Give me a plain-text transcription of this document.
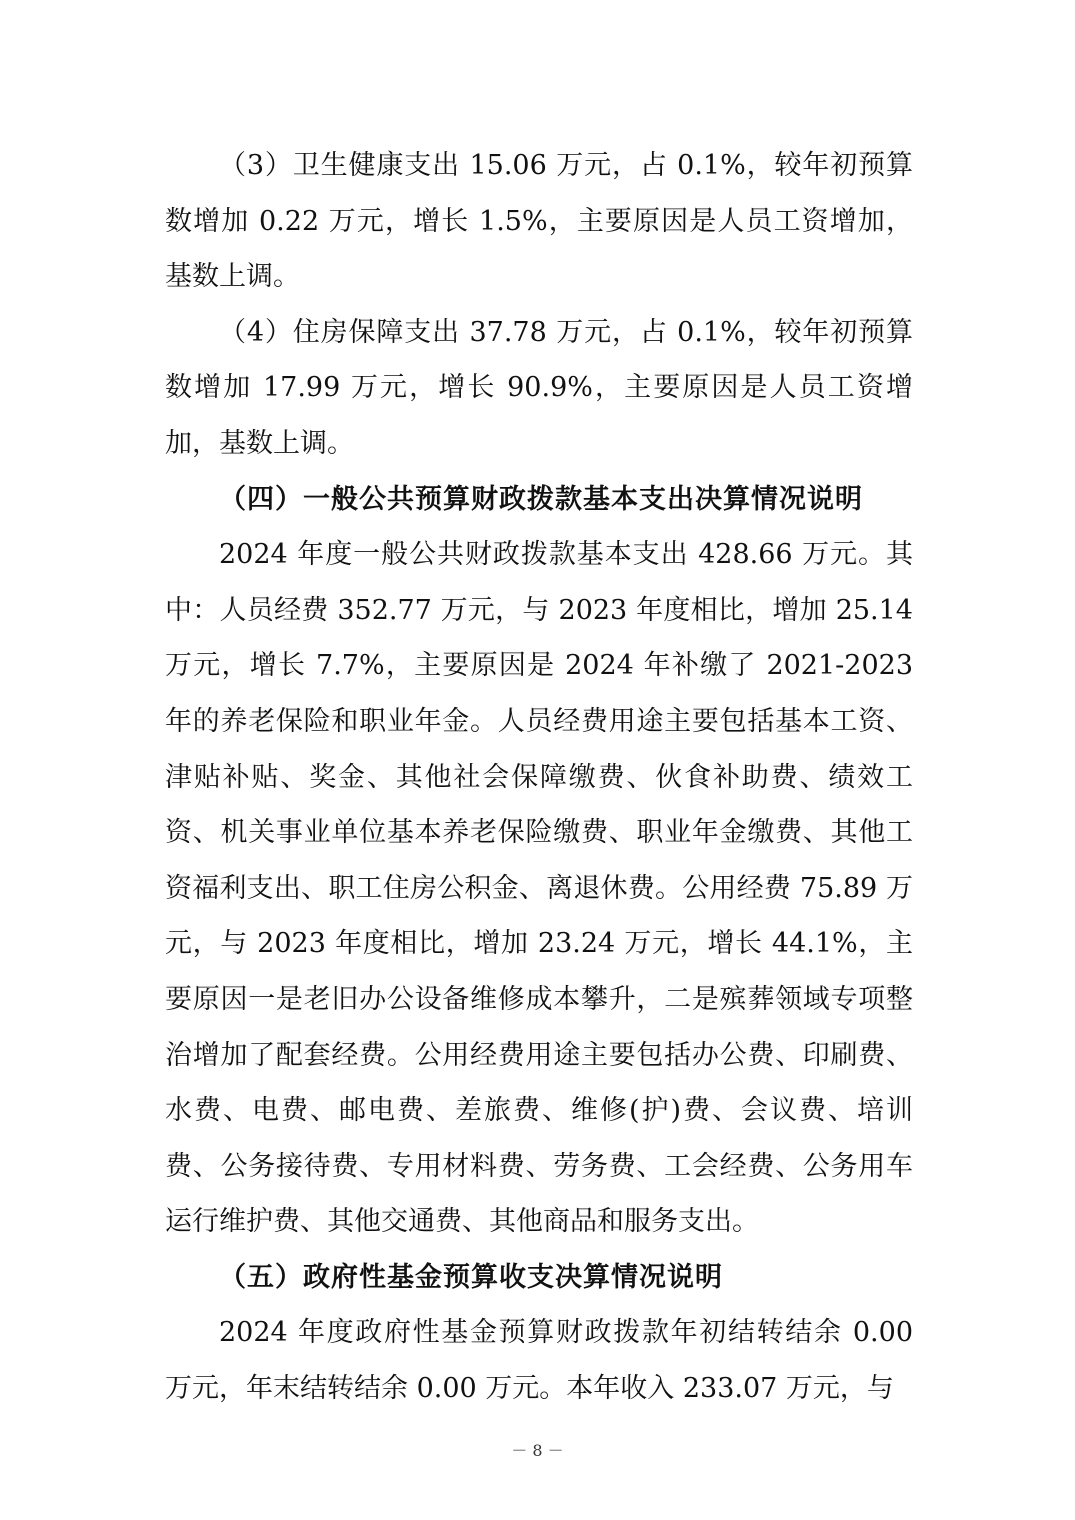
（3）卫生健康支出 15.06 万元，占 0.1%，较年初预算数增加 0.22 万元，增长 1.5%，主要原因是人员工资增加，基数上调。

（4）住房保障支出 37.78 万元，占 0.1%，较年初预算数增加 17.99 万元，增长 90.9%，主要原因是人员工资增加，基数上调。

（四）一般公共预算财政拨款基本支出决算情况说明

2024 年度一般公共财政拨款基本支出 428.66 万元。其中：人员经费 352.77 万元，与 2023 年度相比，增加 25.14 万元，增长 7.7%，主要原因是 2024 年补缴了 2021-2023 年的养老保险和职业年金。人员经费用途主要包括基本工资、津贴补贴、奖金、其他社会保障缴费、伙食补助费、绩效工资、机关事业单位基本养老保险缴费、职业年金缴费、其他工资福利支出、职工住房公积金、离退休费。公用经费 75.89 万元，与 2023 年度相比，增加 23.24 万元，增长 44.1%，主要原因一是老旧办公设备维修成本攀升，二是殡葬领域专项整治增加了配套经费。公用经费用途主要包括办公费、印刷费、水费、电费、邮电费、差旅费、维修(护)费、会议费、培训费、公务接待费、专用材料费、劳务费、工会经费、公务用车运行维护费、其他交通费、其他商品和服务支出。

（五）政府性基金预算收支决算情况说明

2024 年度政府性基金预算财政拨款年初结转结余 0.00 万元，年末结转结余 0.00 万元。本年收入 233.07 万元，与

－ 8 －
